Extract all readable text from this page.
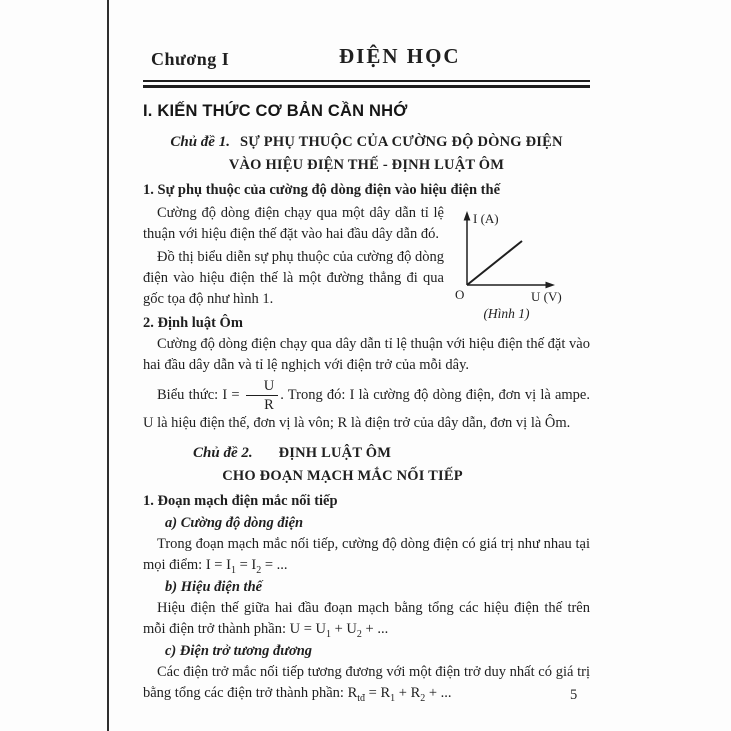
Chương I	ĐIỆN HỌC
I. KIẾN THỨC CƠ BẢN CẦN NHỚ
Chủ đề 1. SỰ PHỤ THUỘC CỦA CƯỜNG ĐỘ DÒNG ĐIỆN
VÀO HIỆU ĐIỆN THẾ - ĐỊNH LUẬT ÔM
1. Sự phụ thuộc của cường độ dòng điện vào hiệu điện thế

Cường độ dòng điện chạy qua một dây dẫn tỉ lệ thuận với hiệu điện thế đặt vào hai đầu dây dẫn đó.

Đồ thị biểu diễn sự phụ thuộc của cường độ dòng điện vào hiệu điện thế là một đường thẳng đi qua gốc tọa độ như hình 1.

I (A)
U (V)
O
(Hình 1)
2. Định luật Ôm

Cường độ dòng điện chạy qua dây dẫn tỉ lệ thuận với hiệu điện thế đặt vào hai đầu dây dẫn và tỉ lệ nghịch với điện trở của mỗi dây.

Biểu thức: $I = \frac{U}{R}$ . Trong đó: I là cường độ dòng điện, đơn vị là ampe. U là hiệu điện thế, đơn vị là vôn; R là điện trở của dây dẫn, đơn vị là Ôm.

Chủ đề 2. ĐỊNH LUẬT ÔM
CHO ĐOẠN MẠCH MẮC NỐI TIẾP
1. Đoạn mạch điện mắc nối tiếp
a) Cường độ dòng điện

Trong đoạn mạch mắc nối tiếp, cường độ dòng điện có giá trị như nhau tại mọi điểm: $I = I_1 = I_2$ = ...

b) Hiệu điện thế

Hiệu điện thế giữa hai đầu đoạn mạch bằng tổng các hiệu điện thế trên mỗi điện trở thành phần: $U = U_1 + U_2$ + ...

c) Điện trở tương đương

Các điện trở mắc nối tiếp tương đương với một điện trở duy nhất có giá trị bằng tổng các điện trở thành phần: $R_{tđ} = R_1 + R_2$ + ...	5
